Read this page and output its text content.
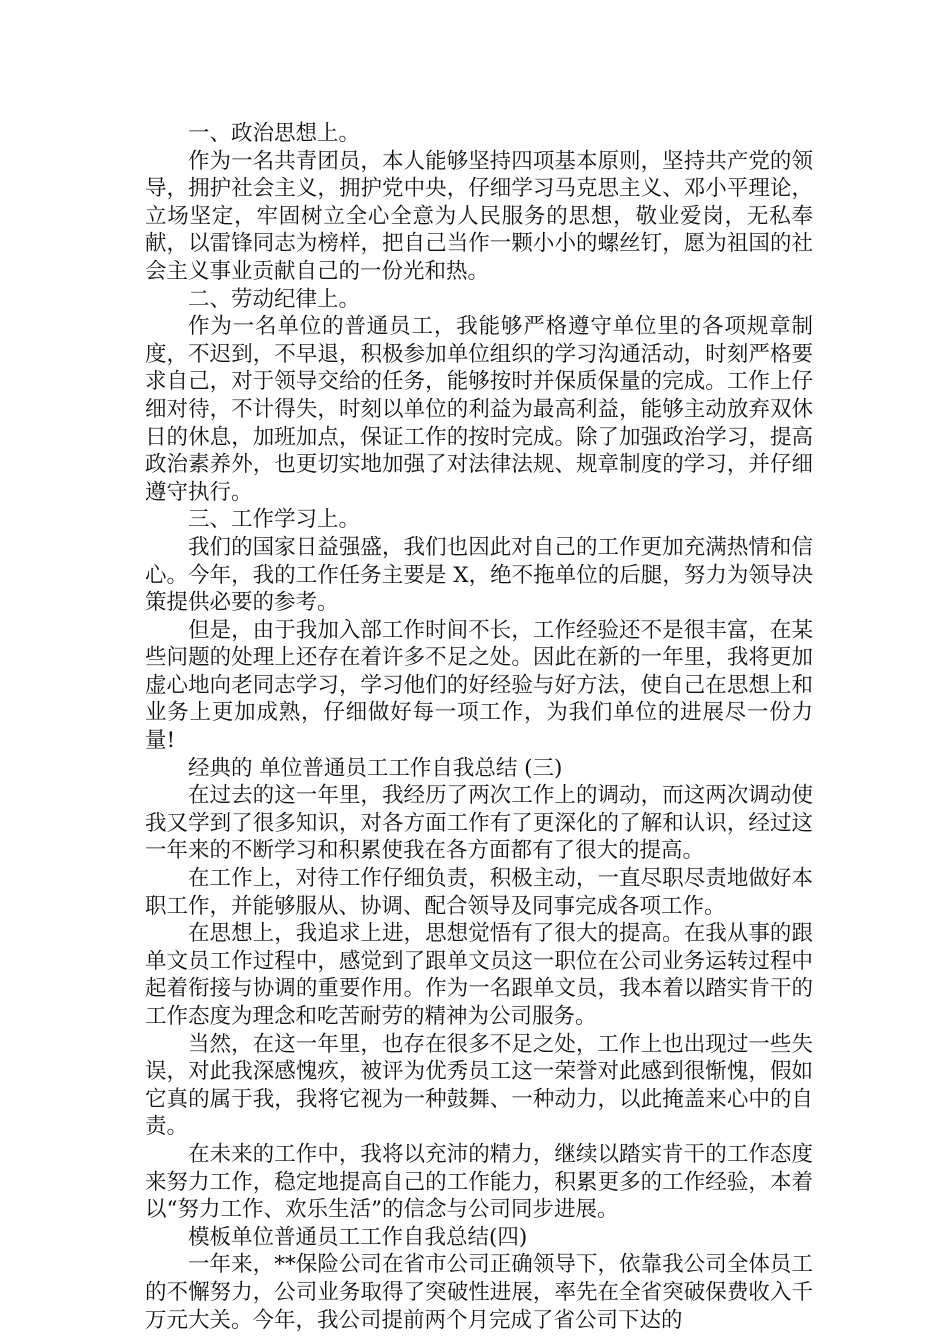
一、政治思想上。

作为一名共青团员，本人能够坚持四项基本原则，坚持共产党的领导，拥护社会主义，拥护党中央，仔细学习马克思主义、邓小平理论，立场坚定，牢固树立全心全意为人民服务的思想，敬业爱岗，无私奉献，以雷锋同志为榜样，把自己当作一颗小小的螺丝钉，愿为祖国的社会主义事业贡献自己的一份光和热。

二、劳动纪律上。

作为一名单位的普通员工，我能够严格遵守单位里的各项规章制度，不迟到，不早退，积极参加单位组织的学习沟通活动，时刻严格要求自己，对于领导交给的任务，能够按时并保质保量的完成。工作上仔细对待，不计得失，时刻以单位的利益为最高利益，能够主动放弃双休日的休息，加班加点，保证工作的按时完成。除了加强政治学习，提高政治素养外，也更切实地加强了对法律法规、规章制度的学习，并仔细遵守执行。

三、工作学习上。

我们的国家日益强盛，我们也因此对自己的工作更加充满热情和信心。今年，我的工作任务主要是 X，绝不拖单位的后腿，努力为领导决策提供必要的参考。

但是，由于我加入部工作时间不长，工作经验还不是很丰富，在某些问题的处理上还存在着许多不足之处。因此在新的一年里，我将更加虚心地向老同志学习，学习他们的好经验与好方法，使自己在思想上和业务上更加成熟，仔细做好每一项工作，为我们单位的进展尽一份力量!

经典的 单位普通员工工作自我总结 (三)

在过去的这一年里，我经历了两次工作上的调动，而这两次调动使我又学到了很多知识，对各方面工作有了更深化的了解和认识，经过这一年来的不断学习和积累使我在各方面都有了很大的提高。

在工作上，对待工作仔细负责，积极主动，一直尽职尽责地做好本职工作，并能够服从、协调、配合领导及同事完成各项工作。

在思想上，我追求上进，思想觉悟有了很大的提高。在我从事的跟单文员工作过程中，感觉到了跟单文员这一职位在公司业务运转过程中起着衔接与协调的重要作用。作为一名跟单文员，我本着以踏实肯干的工作态度为理念和吃苦耐劳的精神为公司服务。

当然，在这一年里，也存在很多不足之处，工作上也出现过一些失误，对此我深感愧疚，被评为优秀员工这一荣誉对此感到很惭愧，假如它真的属于我，我将它视为一种鼓舞、一种动力，以此掩盖来心中的自责。

在未来的工作中，我将以充沛的精力，继续以踏实肯干的工作态度来努力工作，稳定地提高自己的工作能力，积累更多的工作经验，本着以“努力工作、欢乐生活”的信念与公司同步进展。

模板单位普通员工工作自我总结(四)

一年来，**保险公司在省市公司正确领导下，依靠我公司全体员工的不懈努力，公司业务取得了突破性进展，率先在全省突破保费收入千万元大关。今年，我公司提前两个月完成了省公司下达的
